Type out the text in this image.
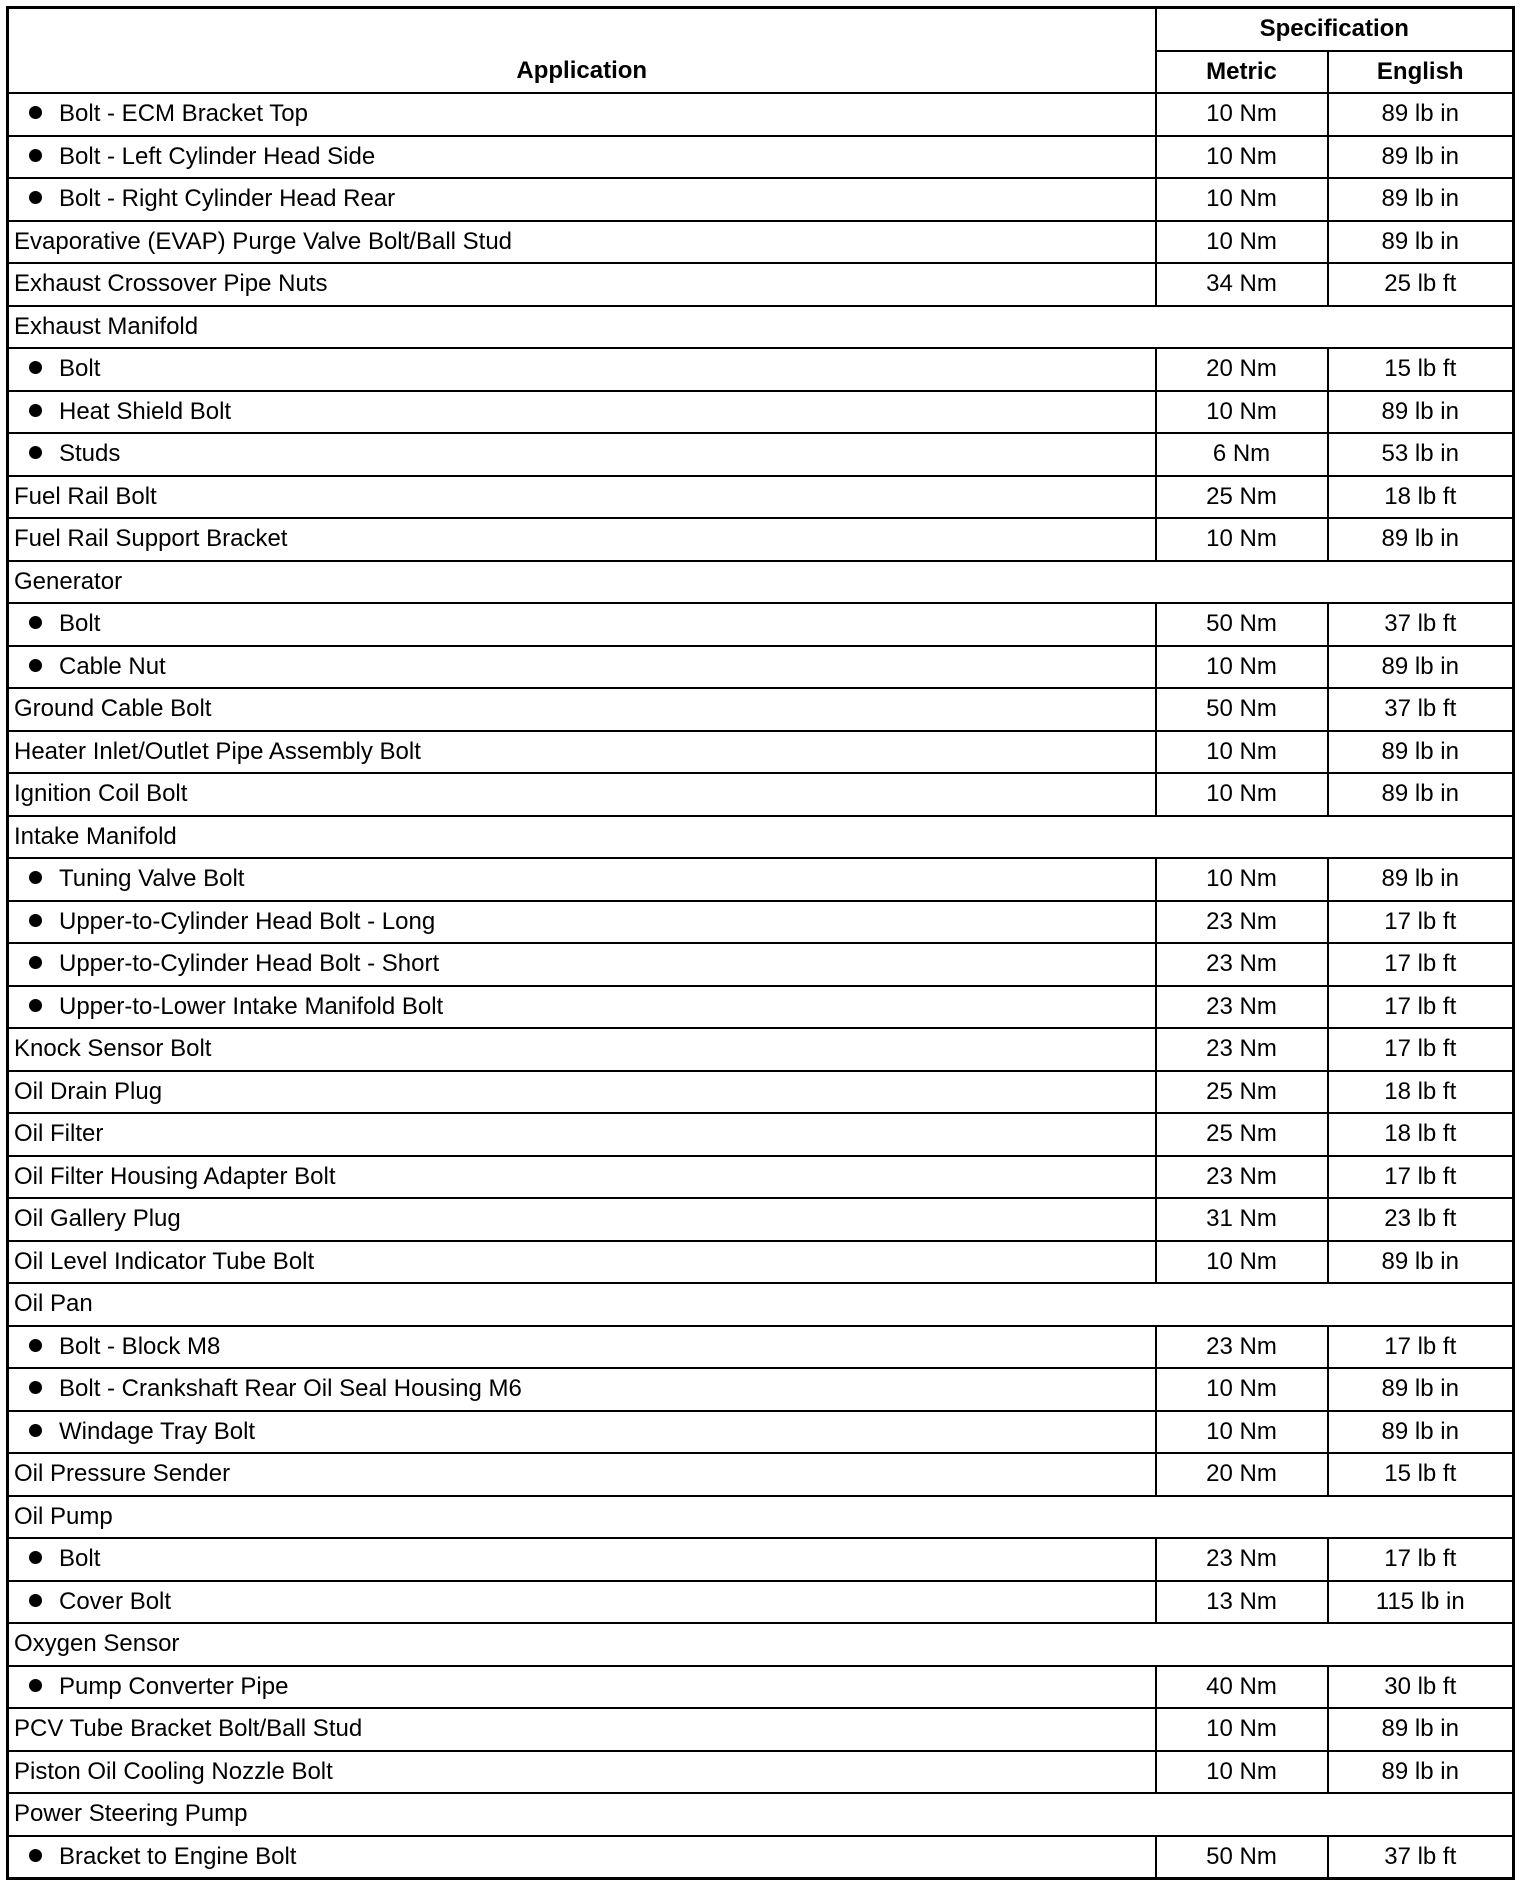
Application	Specification	
	Metric	English
Bolt - ECM Bracket Top	10 Nm	89 lb in
Bolt - Left Cylinder Head Side	10 Nm	89 lb in
Bolt - Right Cylinder Head Rear	10 Nm	89 lb in
Evaporative (EVAP) Purge Valve Bolt/Ball Stud	10 Nm	89 lb in
Exhaust Crossover Pipe Nuts	34 Nm	25 lb ft
Exhaust Manifold		
Bolt	20 Nm	15 lb ft
Heat Shield Bolt	10 Nm	89 lb in
Studs	6 Nm	53 lb in
Fuel Rail Bolt	25 Nm	18 lb ft
Fuel Rail Support Bracket	10 Nm	89 lb in
Generator		
Bolt	50 Nm	37 lb ft
Cable Nut	10 Nm	89 lb in
Ground Cable Bolt	50 Nm	37 lb ft
Heater Inlet/Outlet Pipe Assembly Bolt	10 Nm	89 lb in
Ignition Coil Bolt	10 Nm	89 lb in
Intake Manifold		
Tuning Valve Bolt	10 Nm	89 lb in
Upper-to-Cylinder Head Bolt - Long	23 Nm	17 lb ft
Upper-to-Cylinder Head Bolt - Short	23 Nm	17 lb ft
Upper-to-Lower Intake Manifold Bolt	23 Nm	17 lb ft
Knock Sensor Bolt	23 Nm	17 lb ft
Oil Drain Plug	25 Nm	18 lb ft
Oil Filter	25 Nm	18 lb ft
Oil Filter Housing Adapter Bolt	23 Nm	17 lb ft
Oil Gallery Plug	31 Nm	23 lb ft
Oil Level Indicator Tube Bolt	10 Nm	89 lb in
Oil Pan		
Bolt - Block M8	23 Nm	17 lb ft
Bolt - Crankshaft Rear Oil Seal Housing M6	10 Nm	89 lb in
Windage Tray Bolt	10 Nm	89 lb in
Oil Pressure Sender	20 Nm	15 lb ft
Oil Pump		
Bolt	23 Nm	17 lb ft
Cover Bolt	13 Nm	115 lb in
Oxygen Sensor		
Pump Converter Pipe	40 Nm	30 lb ft
PCV Tube Bracket Bolt/Ball Stud	10 Nm	89 lb in
Piston Oil Cooling Nozzle Bolt	10 Nm	89 lb in
Power Steering Pump		
Bracket to Engine Bolt	50 Nm	37 lb ft
